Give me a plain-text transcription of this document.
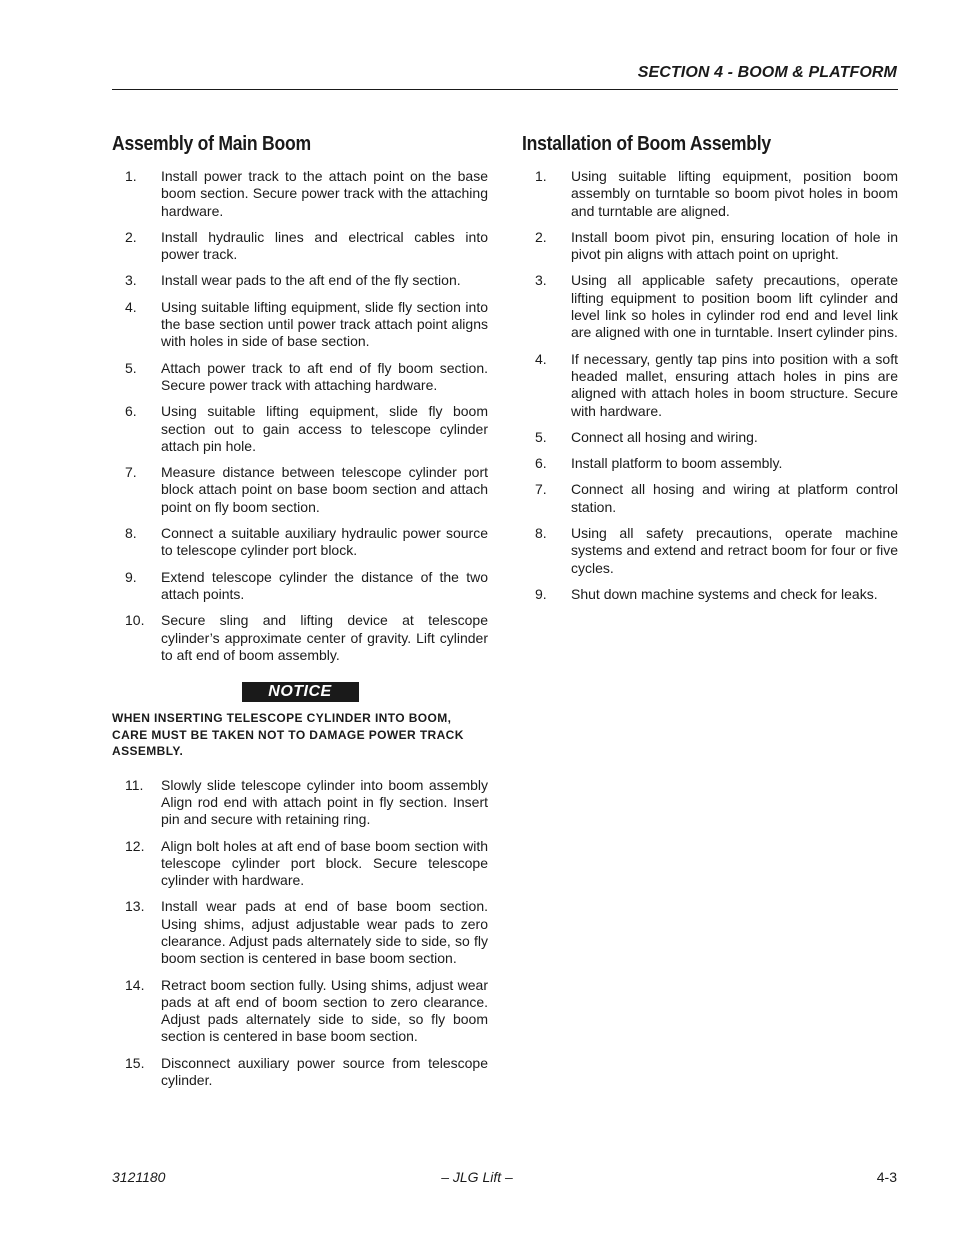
SECTION 4 - BOOM & PLATFORM
Assembly of Main Boom
1.	Install power track to the attach point on the base boom section. Secure power track with the attaching hardware.
2.	Install hydraulic lines and electrical cables into power track.
3.	Install wear pads to the aft end of the fly section.
4.	Using suitable lifting equipment, slide fly section into the base section until power track attach point aligns with holes in side of base section.
5.	Attach power track to aft end of fly boom section. Secure power track with attaching hardware.
6.	Using suitable lifting equipment, slide fly boom section out to gain access to telescope cylinder attach pin hole.
7.	Measure distance between telescope cylinder port block attach point on base boom section and attach point on fly boom section.
8.	Connect a suitable auxiliary hydraulic power source to telescope cylinder port block.
9.	Extend telescope cylinder the distance of the two attach points.
10.	Secure sling and lifting device at telescope cylinder’s approximate center of gravity. Lift cylinder to aft end of boom assembly.
NOTICE

WHEN INSERTING TELESCOPE CYLINDER INTO BOOM, CARE MUST BE TAKEN NOT TO DAMAGE POWER TRACK ASSEMBLY.

11.	Slowly slide telescope cylinder into boom assembly Align rod end with attach point in fly section. Insert pin and secure with retaining ring.
12.	Align bolt holes at aft end of base boom section with telescope cylinder port block. Secure telescope cylinder with hardware.
13.	Install wear pads at end of base boom section. Using shims, adjust adjustable wear pads to zero clearance. Adjust pads alternately side to side, so fly boom section is centered in base boom section.
14.	Retract boom section fully. Using shims, adjust wear pads at aft end of boom section to zero clearance. Adjust pads alternately side to side, so fly boom section is centered in base boom section.
15.	Disconnect auxiliary power source from telescope cylinder.
Installation of Boom Assembly
1.	Using suitable lifting equipment, position boom assembly on turntable so boom pivot holes in boom and turntable are aligned.
2.	Install boom pivot pin, ensuring location of hole in pivot pin aligns with attach point on upright.
3.	Using all applicable safety precautions, operate lifting equipment to position boom lift cylinder and level link so holes in cylinder rod end and level link are aligned with one in turntable. Insert cylinder pins.
4.	If necessary, gently tap pins into position with a soft headed mallet, ensuring attach holes in pins are aligned with attach holes in boom structure. Secure with hardware.
5.	Connect all hosing and wiring.
6.	Install platform to boom assembly.
7.	Connect all hosing and wiring at platform control station.
8.	Using all safety precautions, operate machine systems and extend and retract boom for four or five cycles.
9.	Shut down machine systems and check for leaks.
3121180	– JLG Lift –	4-3
